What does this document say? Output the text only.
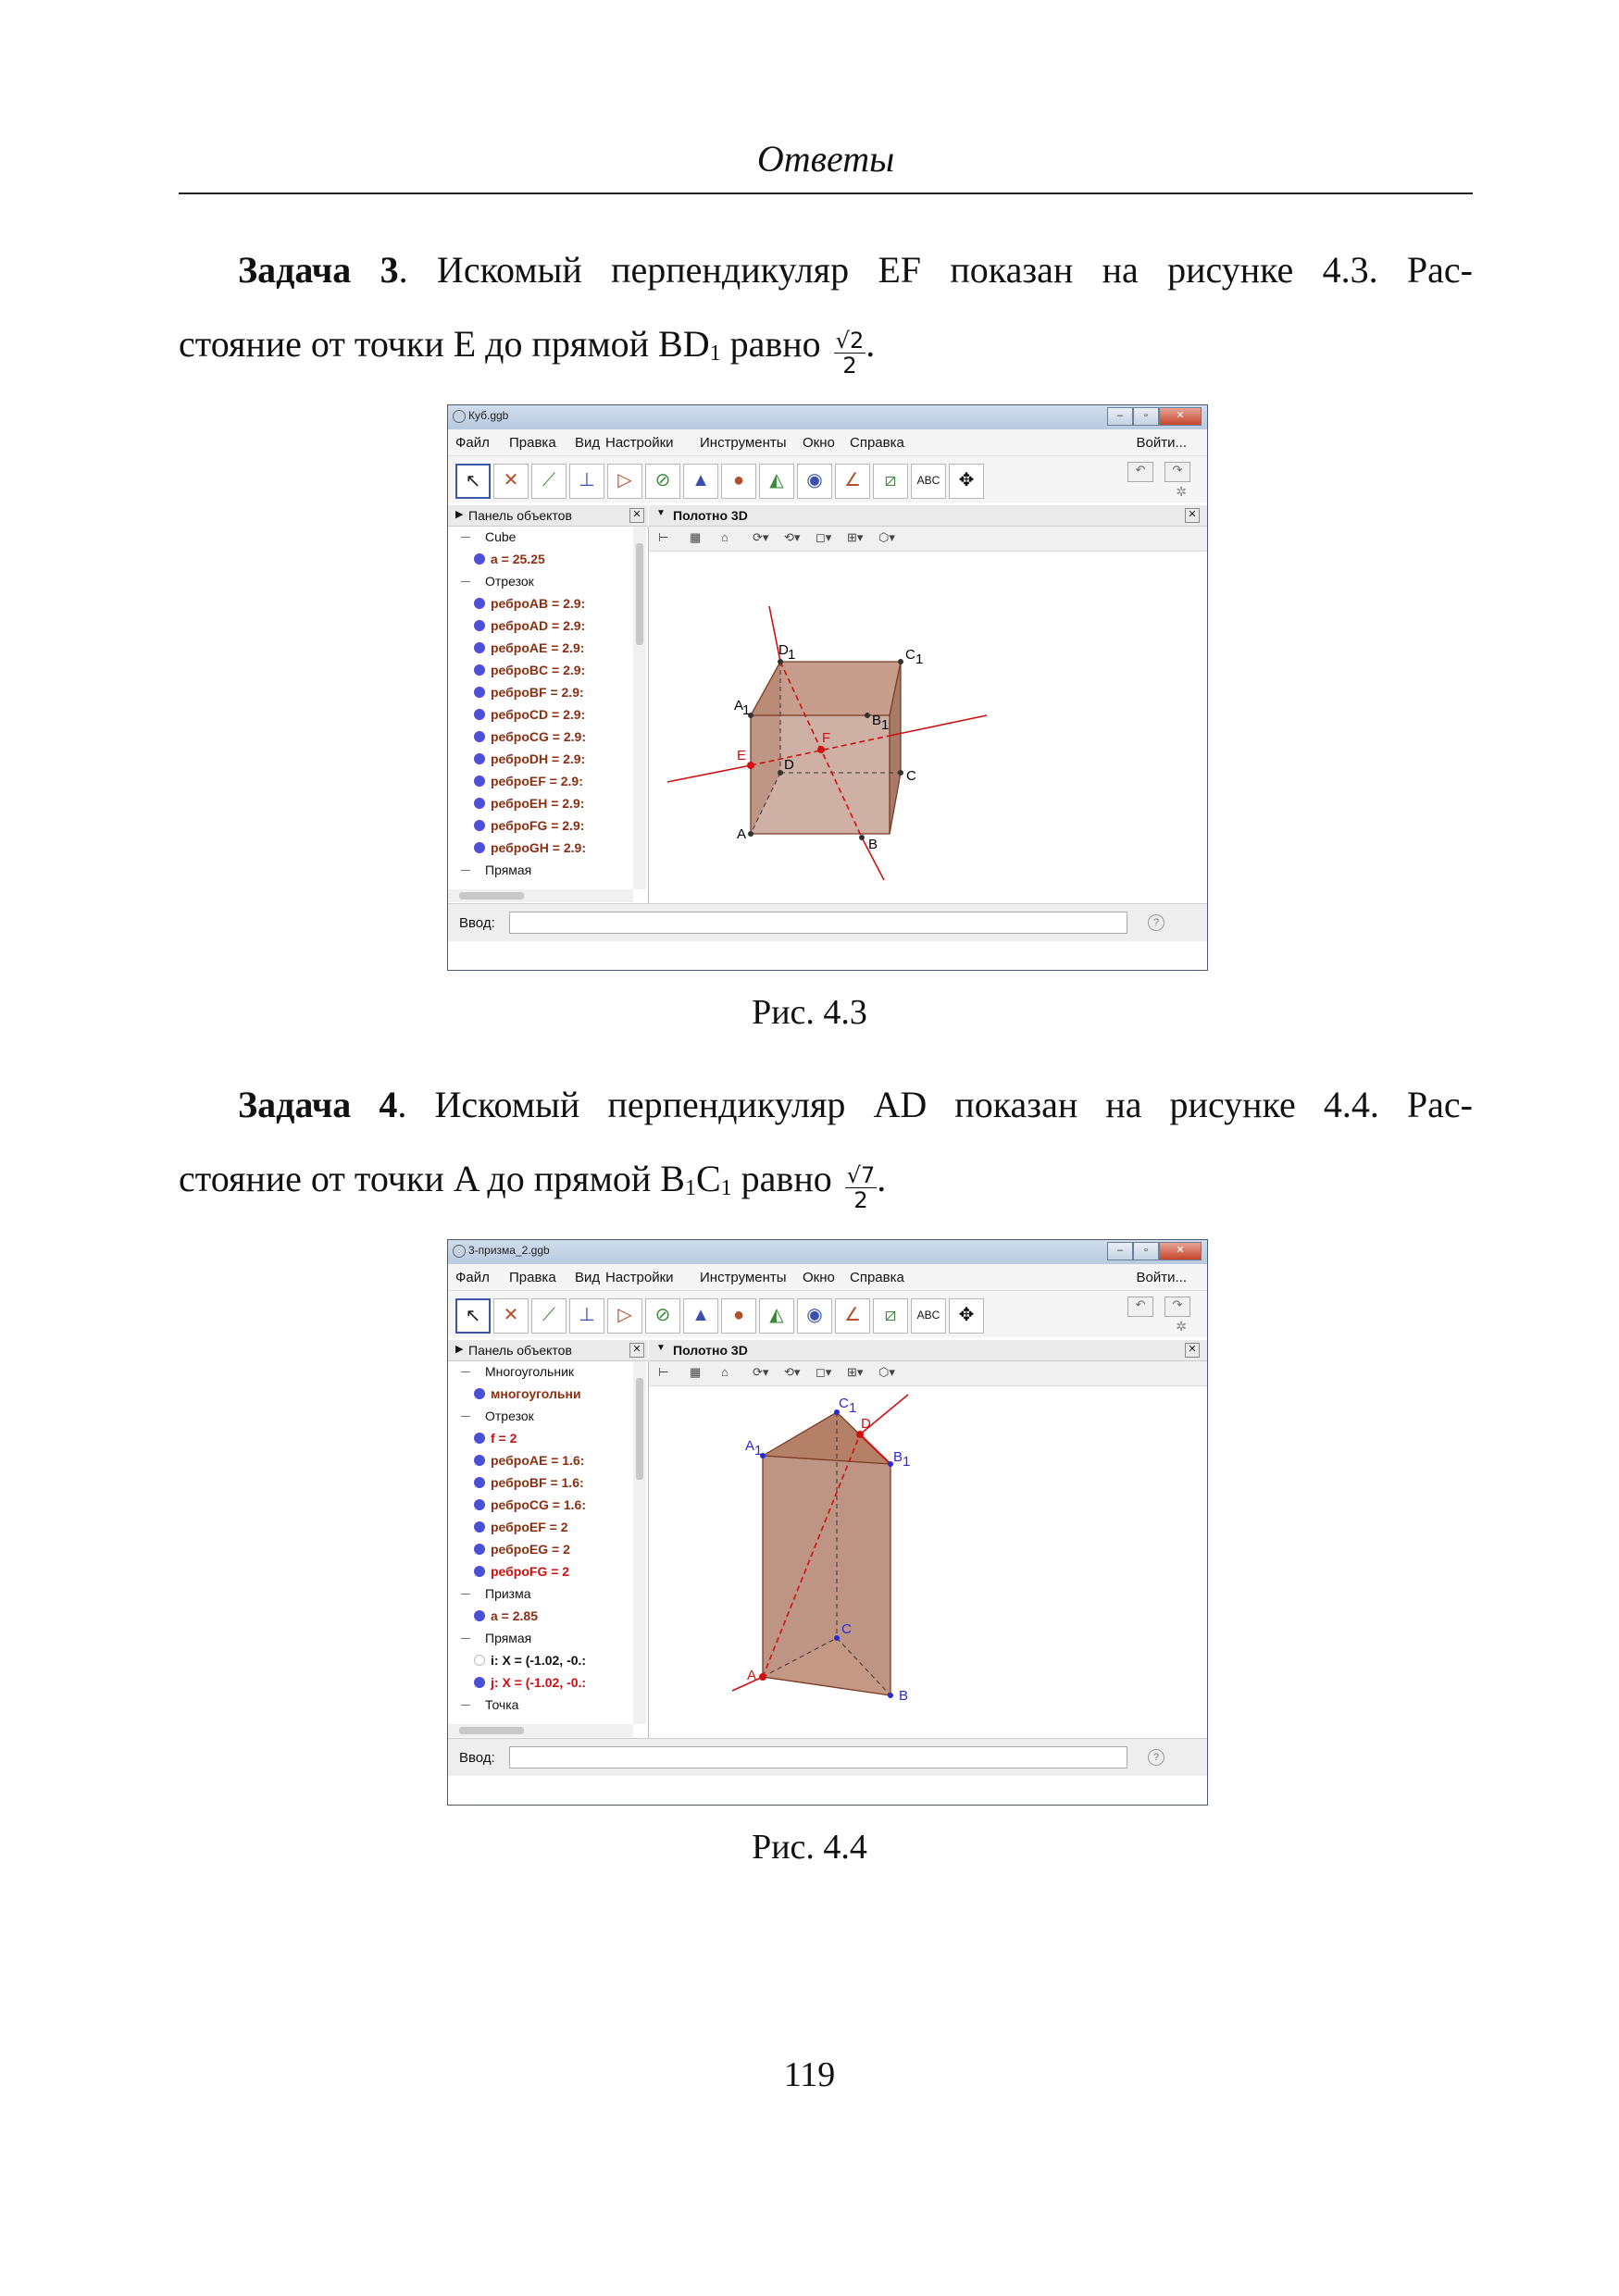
Ответы
Задача 3. Искомый перпендикуляр EF показан на рисунке 4.3. Рас-
стояние от точки E до прямой BD1 равно $\frac{√2}{2}$ .
Куб.ggb	–	▫	✕
Файл Правка Вид Настройки Инструменты Окно Справка	Войти...
↖	✕	⟋	⊥	▷	⊘	▲	●	◭	◉	∠	⧄	ABC	✥
↶	↷
✲
▶ Панель объектов	✕	▼ Полотно 3D	✕
Cube
a = 25.25
Отрезок
ребpоAB = 2.9:
ребpоAD = 2.9:
ребpоAE = 2.9:
ребpоBC = 2.9:
ребpоBF = 2.9:
ребpоCD = 2.9:
ребpоCG = 2.9:
ребpоDH = 2.9:
ребpоEF = 2.9:
ребpоEH = 2.9:
ребpоFG = 2.9:
ребpоGH = 2.9:
Прямая
⊢ ▦ ⌂ ⟳▾ ⟲▾ ◻▾ ⊞▾ ⬡▾
A
B
C
D
A
1
B 1
C 1
D 1
E
F
Ввод:	?
Рис. 4.3
Задача 4. Искомый перпендикуляр AD показан на рисунке 4.4. Рас-
стояние от точки A до прямой B1C1 равно $\frac{√7}{2}$ .
3-призма_2.ggb	–	▫	✕
Файл Правка Вид Настройки Инструменты Окно Справка	Войти...
↖	✕	⟋	⊥	▷	⊘	▲	●	◭	◉	∠	⧄	ABC	✥
↶	↷
✲
▶ Панель объектов	✕	▼ Полотно 3D	✕
Многоугольник
многоугольни
Отрезок
f = 2
ребpоAE = 1.6:
ребpоBF = 1.6:
ребpоCG = 1.6:
ребpоEF = 2
ребpоEG = 2
ребpоFG = 2
Призма
a = 2.85
Прямая
i: X = (-1.02, -0.:
j: X = (-1.02, -0.:
Точка
⊢ ▦ ⌂ ⟳▾ ⟲▾ ◻▾ ⊞▾ ⬡▾
A
B
C
D
A 1	B 1
C 1
Ввод:	?
Рис. 4.4
119
